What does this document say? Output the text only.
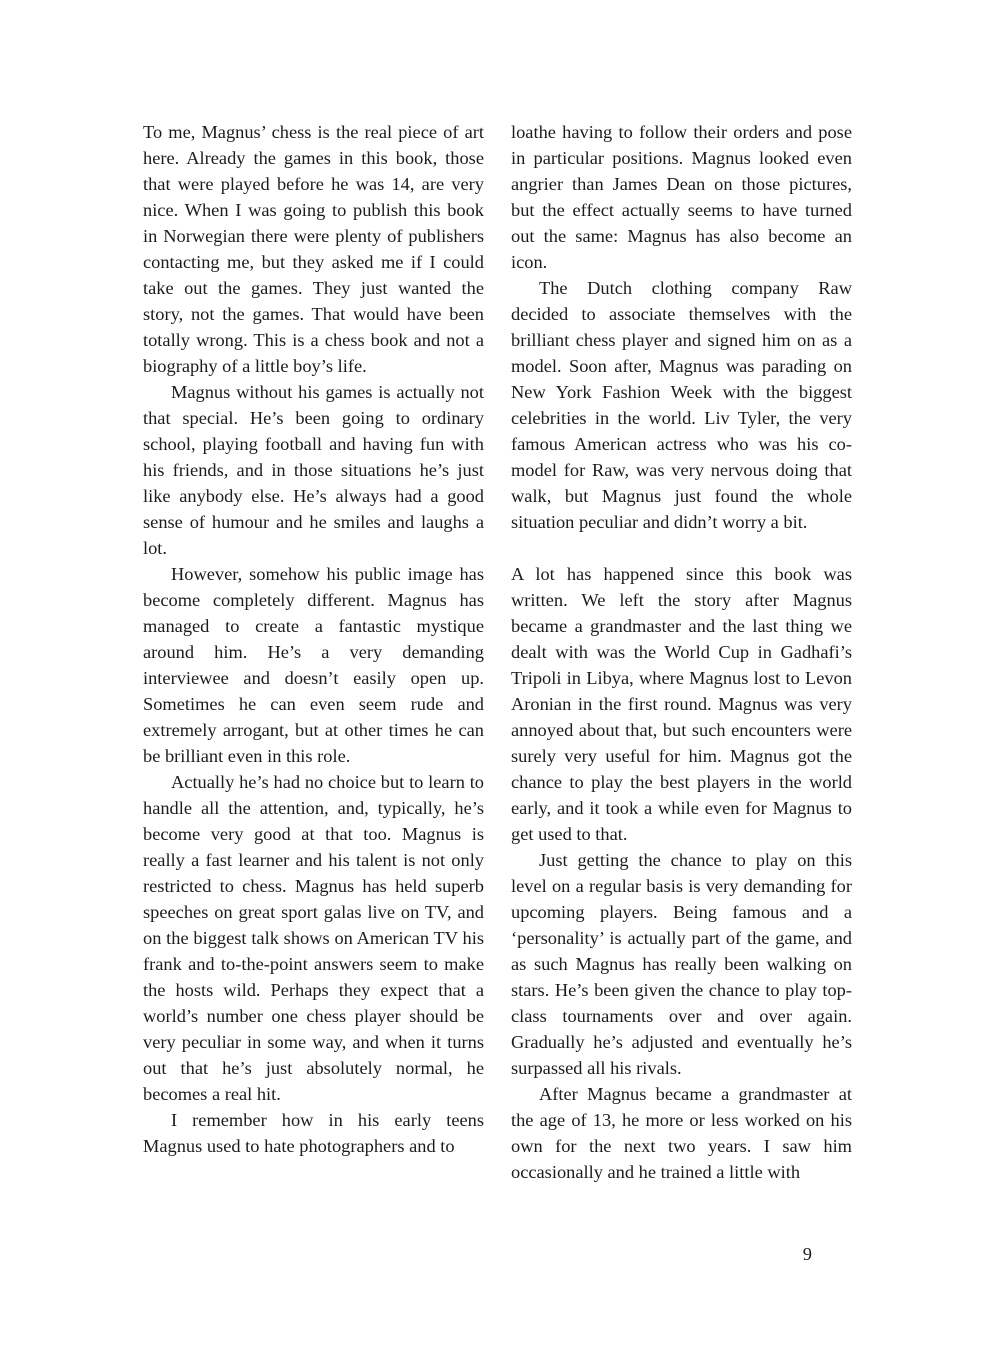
To me, Magnus’ chess is the real piece of art here. Already the games in this book, those that were played before he was 14, are very nice. When I was going to publish this book in Norwegian there were plenty of publishers contacting me, but they asked me if I could take out the games. They just wanted the story, not the games. That would have been totally wrong. This is a chess book and not a biography of a little boy’s life.

Magnus without his games is actually not that special. He’s been going to ordinary school, playing football and having fun with his friends, and in those situations he’s just like anybody else. He’s always had a good sense of humour and he smiles and laughs a lot.

However, somehow his public image has become completely different. Magnus has managed to create a fantastic mystique around him. He’s a very demanding interviewee and doesn’t easily open up. Sometimes he can even seem rude and extremely arrogant, but at other times he can be brilliant even in this role.

Actually he’s had no choice but to learn to handle all the attention, and, typically, he’s become very good at that too. Magnus is really a fast learner and his talent is not only restricted to chess. Magnus has held superb speeches on great sport galas live on TV, and on the biggest talk shows on American TV his frank and to-the-point answers seem to make the hosts wild. Perhaps they expect that a world’s number one chess player should be very peculiar in some way, and when it turns out that he’s just absolutely normal, he becomes a real hit.

I remember how in his early teens Magnus used to hate photographers and to

loathe having to follow their orders and pose in particular positions. Magnus looked even angrier than James Dean on those pictures, but the effect actually seems to have turned out the same: Magnus has also become an icon.

The Dutch clothing company Raw decided to associate themselves with the brilliant chess player and signed him on as a model. Soon after, Magnus was parading on New York Fashion Week with the biggest celebrities in the world. Liv Tyler, the very famous American actress who was his co-model for Raw, was very nervous doing that walk, but Magnus just found the whole situation peculiar and didn’t worry a bit.

A lot has happened since this book was written. We left the story after Magnus became a grandmaster and the last thing we dealt with was the World Cup in Gadhafi’s Tripoli in Libya, where Magnus lost to Levon Aronian in the first round. Magnus was very annoyed about that, but such encounters were surely very useful for him. Magnus got the chance to play the best players in the world early, and it took a while even for Magnus to get used to that.

Just getting the chance to play on this level on a regular basis is very demanding for upcoming players. Being famous and a ‘personality’ is actually part of the game, and as such Magnus has really been walking on stars. He’s been given the chance to play top-class tournaments over and over again. Gradually he’s adjusted and eventually he’s surpassed all his rivals.

After Magnus became a grandmaster at the age of 13, he more or less worked on his own for the next two years. I saw him occasionally and he trained a little with

9
